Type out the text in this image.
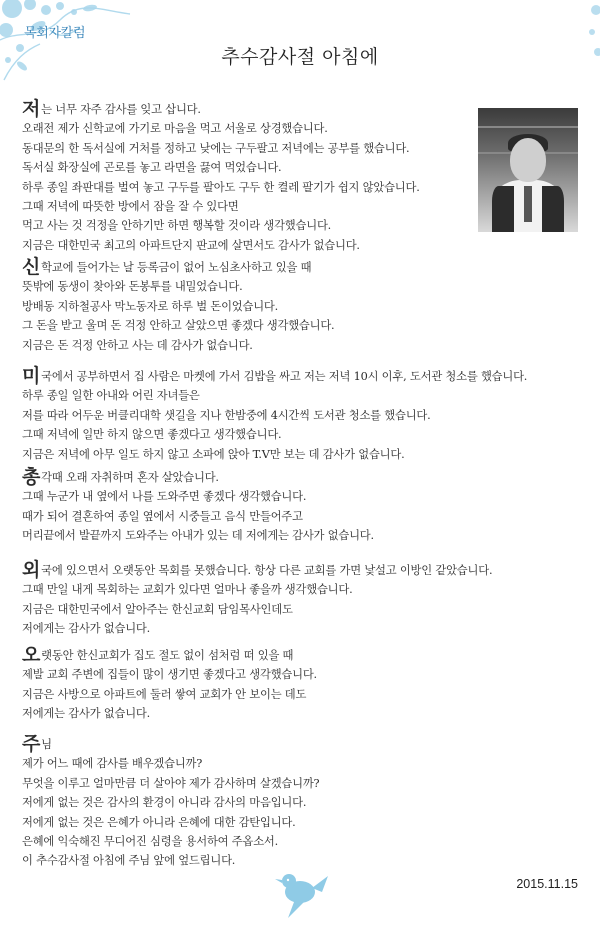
목회자칼럼
추수감사절 아침에
저는 너무 자주 감사를 잊고 삽니다.
오래전 제가 신학교에 가기로 마음을 먹고 서울로 상경했습니다.
동대문의 한 독서실에 거처를 정하고 낮에는 구두팔고 저녁에는 공부를 했습니다.
독서실 화장실에 곤로를 놓고 라면을 끓여 먹었습니다.
하루 종일 좌판대를 벌여 놓고 구두를 팔아도 구두 한 켤레 팔기가 쉽지 않았습니다.
그때 저녁에 따뜻한 방에서 잠을 잘 수 있다면
먹고 사는 것 걱정을 안하기만 하면 행복할 것이라 생각했습니다.
지금은 대한민국 최고의 아파트단지 판교에 살면서도 감사가 없습니다.
신학교에 들어가는 날 등록금이 없어 노심초사하고 있을 때
뜻밖에 동생이 찾아와 돈봉투를 내밀었습니다.
방배동 지하철공사 막노동자로 하루 벌 돈이었습니다.
그 돈을 받고 울며 돈 걱정 안하고 살았으면 좋겠다 생각했습니다.
지금은 돈 걱정 안하고 사는 데 감사가 없습니다.
미국에서 공부하면서 집 사람은 마켓에 가서 김밥을 싸고 저는 저녁 10시 이후, 도서관 청소를 했습니다.
하루 종일 일한 아내와 어린 자녀들은
저를 따라 어두운 버클리대학 샛길을 지나 한밤중에 4시간씩 도서관 청소를 했습니다.
그때 저녁에 일만 하지 않으면 좋겠다고 생각했습니다.
지금은 저녁에 아무 일도 하지 않고 소파에 앉아 T.V만 보는 데 감사가 없습니다.
총각때 오래 자취하며 혼자 살았습니다.
그때 누군가 내 옆에서 나를 도와주면 좋겠다 생각했습니다.
때가 되어 결혼하여 종일 옆에서 시중들고 음식 만들어주고
머리끝에서 발끝까지 도와주는 아내가 있는 데 저에게는 감사가 없습니다.
외국에 있으면서 오랫동안 목회를 못했습니다. 항상 다른 교회를 가면 낯설고 이방인 같았습니다.
그때 만일 내게 목회하는 교회가 있다면 얼마나 좋을까 생각했습니다.
지금은 대한민국에서 알아주는 한신교회 담임목사인데도
저에게는 감사가 없습니다.
오랫동안 한신교회가 집도 절도 없이 섬처럼 떠 있을 때
제발 교회 주변에 집들이 많이 생기면 좋겠다고 생각했습니다.
지금은 사방으로 아파트에 둘러 쌓여 교회가 안 보이는 데도
저에게는 감사가 없습니다.
주님
제가 어느 때에 감사를 배우겠습니까?
무엇을 이루고 얼마만큼 더 살아야 제가 감사하며 살겠습니까?
저에게 없는 것은 감사의 환경이 아니라 감사의 마음입니다.
저에게 없는 것은 은혜가 아니라 은혜에 대한 감탄입니다.
은혜에 익숙해진 무디어진 심령을 용서하여 주옵소서.
이 추수감사절 아침에 주님 앞에 엎드립니다.
2015.11.15
